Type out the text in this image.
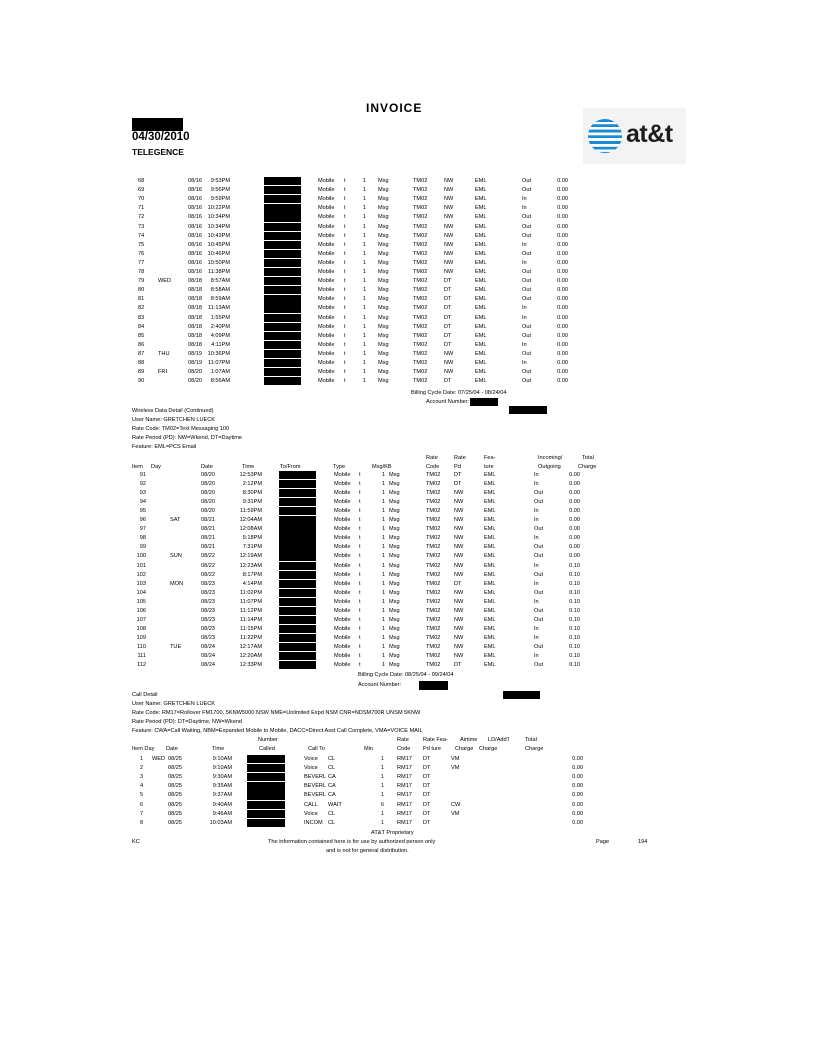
INVOICE
04/30/2010
TELEGENCE
at&t
68	08/16	9:53PM	Mobile t	1 Msg	TM02	NW	EML	Out	0.00
69	08/16	9:56PM	Mobile t	1 Msg	TM02	NW	EML	Out	0.00
70	08/16	9:59PM	Mobile t	1 Msg	TM02	NW	EML	In	0.00
71	08/16	10:22PM	Mobile t	1 Msg	TM02	NW	EML	In	0.00
72	08/16	10:34PM	Mobile t	1 Msg	TM02	NW	EML	Out	0.00
73	08/16	10:34PM	Mobile t	1 Msg	TM02	NW	EML	Out	0.00
74	08/16	10:43PM	Mobile t	1 Msg	TM02	NW	EML	Out	0.00
75	08/16	10:45PM	Mobile t	1 Msg	TM02	NW	EML	In	0.00
76	08/16	10:46PM	Mobile t	1 Msg	TM02	NW	EML	Out	0.00
77	08/16	10:50PM	Mobile t	1 Msg	TM02	NW	EML	In	0.00
78	08/16	11:38PM	Mobile t	1 Msg	TM02	NW	EML	Out	0.00
79 WED	08/18	8:57AM	Mobile t	1 Msg	TM02	DT	EML	Out	0.00
80	08/18	8:58AM	Mobile t	1 Msg	TM02	DT	EML	Out	0.00
81	08/18	8:59AM	Mobile t	1 Msg	TM02	DT	EML	Out	0.00
82	08/18	11:13AM	Mobile t	1 Msg	TM02	DT	EML	In	0.00
83	08/18	1:55PM	Mobile t	1 Msg	TM02	DT	EML	In	0.00
84	08/18	2:40PM	Mobile t	1 Msg	TM02	DT	EML	Out	0.00
85	08/18	4:09PM	Mobile t	1 Msg	TM02	DT	EML	Out	0.00
86	08/18	4:11PM	Mobile t	1 Msg	TM02	DT	EML	In	0.00
87 THU	08/19	10:36PM	Mobile t	1 Msg	TM02	NW	EML	Out	0.00
88	08/19	11:07PM	Mobile t	1 Msg	TM02	NW	EML	In	0.00
89 FRI	08/20	1:07AM	Mobile t	1 Msg	TM02	NW	EML	Out	0.00
90	08/20	8:56AM	Mobile t	1 Msg	TM02	DT	EML	Out	0.00
Billing Cycle Date: 07/25/04 - 08/24/04
Account Number:
Wireless Data Detail (Continued)
User Name: GRETCHEN LUECK
Rate Code: TM02=Text Messaging 100
Rate Period (PD): NW=Wkend, DT=Daytime
Feature: EML=PCS Email
Rate	Rate	Fea-	Incoming/	Total
Item Day	Date	Time	To/From	Type	Msg/KB	Code	Pd	ture	Outgoing	Charge
91	08/20	12:53PM	Mobile t	1 Msg	TM02 DT	EML	In	0.00
92	08/20	2:12PM	Mobile t	1 Msg	TM02 DT	EML	In	0.00
93	08/20	8:30PM	Mobile t	1 Msg	TM02 NW	EML	Out	0.00
94	08/20	9:31PM	Mobile t	1 Msg	TM02 NW	EML	Out	0.00
95	08/20	11:59PM	Mobile t	1 Msg	TM02 NW	EML	In	0.00
96	SAT	08/21	12:04AM	Mobile t	1 Msg	TM02 NW	EML	In	0.00
97	08/21	12:08AM	Mobile t	1 Msg	TM02 NW	EML	Out	0.00
98	08/21	5:18PM	Mobile t	1 Msg	TM02 NW	EML	In	0.00
99	08/21	7:31PM	Mobile t	1 Msg	TM02 NW	EML	Out	0.00
100	SUN	08/22	12:19AM	Mobile t	1 Msg	TM02 NW	EML	Out	0.00
101	08/22	12:23AM	Mobile t	1 Msg	TM02 NW	EML	In	0.10
102	08/22	8:17PM	Mobile t	1 Msg	TM02 NW	EML	Out	0.10
103	MON	08/23	4:14PM	Mobile t	1 Msg	TM02 DT	EML	In	0.10
104	08/23	11:02PM	Mobile t	1 Msg	TM02 NW	EML	Out	0.10
105	08/23	11:07PM	Mobile t	1 Msg	TM02 NW	EML	In	0.10
106	08/23	11:12PM	Mobile t	1 Msg	TM02 NW	EML	Out	0.10
107	08/23	11:14PM	Mobile t	1 Msg	TM02 NW	EML	Out	0.10
108	08/23	11:15PM	Mobile t	1 Msg	TM02 NW	EML	In	0.10
109	08/23	11:22PM	Mobile t	1 Msg	TM02 NW	EML	In	0.10
110	TUE	08/24	12:17AM	Mobile t	1 Msg	TM02 NW	EML	Out	0.10
111	08/24	12:20AM	Mobile t	1 Msg	TM02 NW	EML	In	0.10
112	08/24	12:33PM	Mobile t	1 Msg	TM02 DT	EML	Out	0.10
Billing Cycle Date: 08/25/04 - 09/24/04
Account Number:
Call Detail
User Name: GRETCHEN LUECK
Rate Code: RM17=Rollover FM1700, 5KNW5000 NSW NME=Unlimited Expd NSM CNR=NDSM700R UNSM 5KNW
Rate Period (PD): DT=Daytime, NW=Wkend
Feature: CWA=Call Waiting, NBM=Expanded Mobile to Mobile, DACC=Direct Asst Call Complete, VMA=VOICE MAIL
Number	Rate	Rate Fea- Airtime LD/Add'l	Total
Item Day Date	Time	Called	Call To	Min	Code Pd ture Charge Charge	Charge
1 WED 08/25	9:10AM	Voice CL	1 RM17 DT	VM	0.00
2	08/25	9:10AM	Voice CL	1 RM17 DT	VM	0.00
3	08/25	9:30AM	BEVERL CA	1 RM17 DT	0.00
4	08/25	9:35AM	BEVERL CA	1 RM17 DT	0.00
5	08/25	9:37AM	BEVERL CA	1 RM17 DT	0.00
6	08/25	9:40AM	CALL WAIT	6 RM17 DT	CW	0.00
7	08/25	9:46AM	Voice CL	1 RM17 DT	VM	0.00
8	08/25	10:03AM	INCOM CL	1 RM17 DT	0.00
AT&T Proprietary
KC	The information contained here is for use by authorized person only
and is not for general distribution.
Page	194
